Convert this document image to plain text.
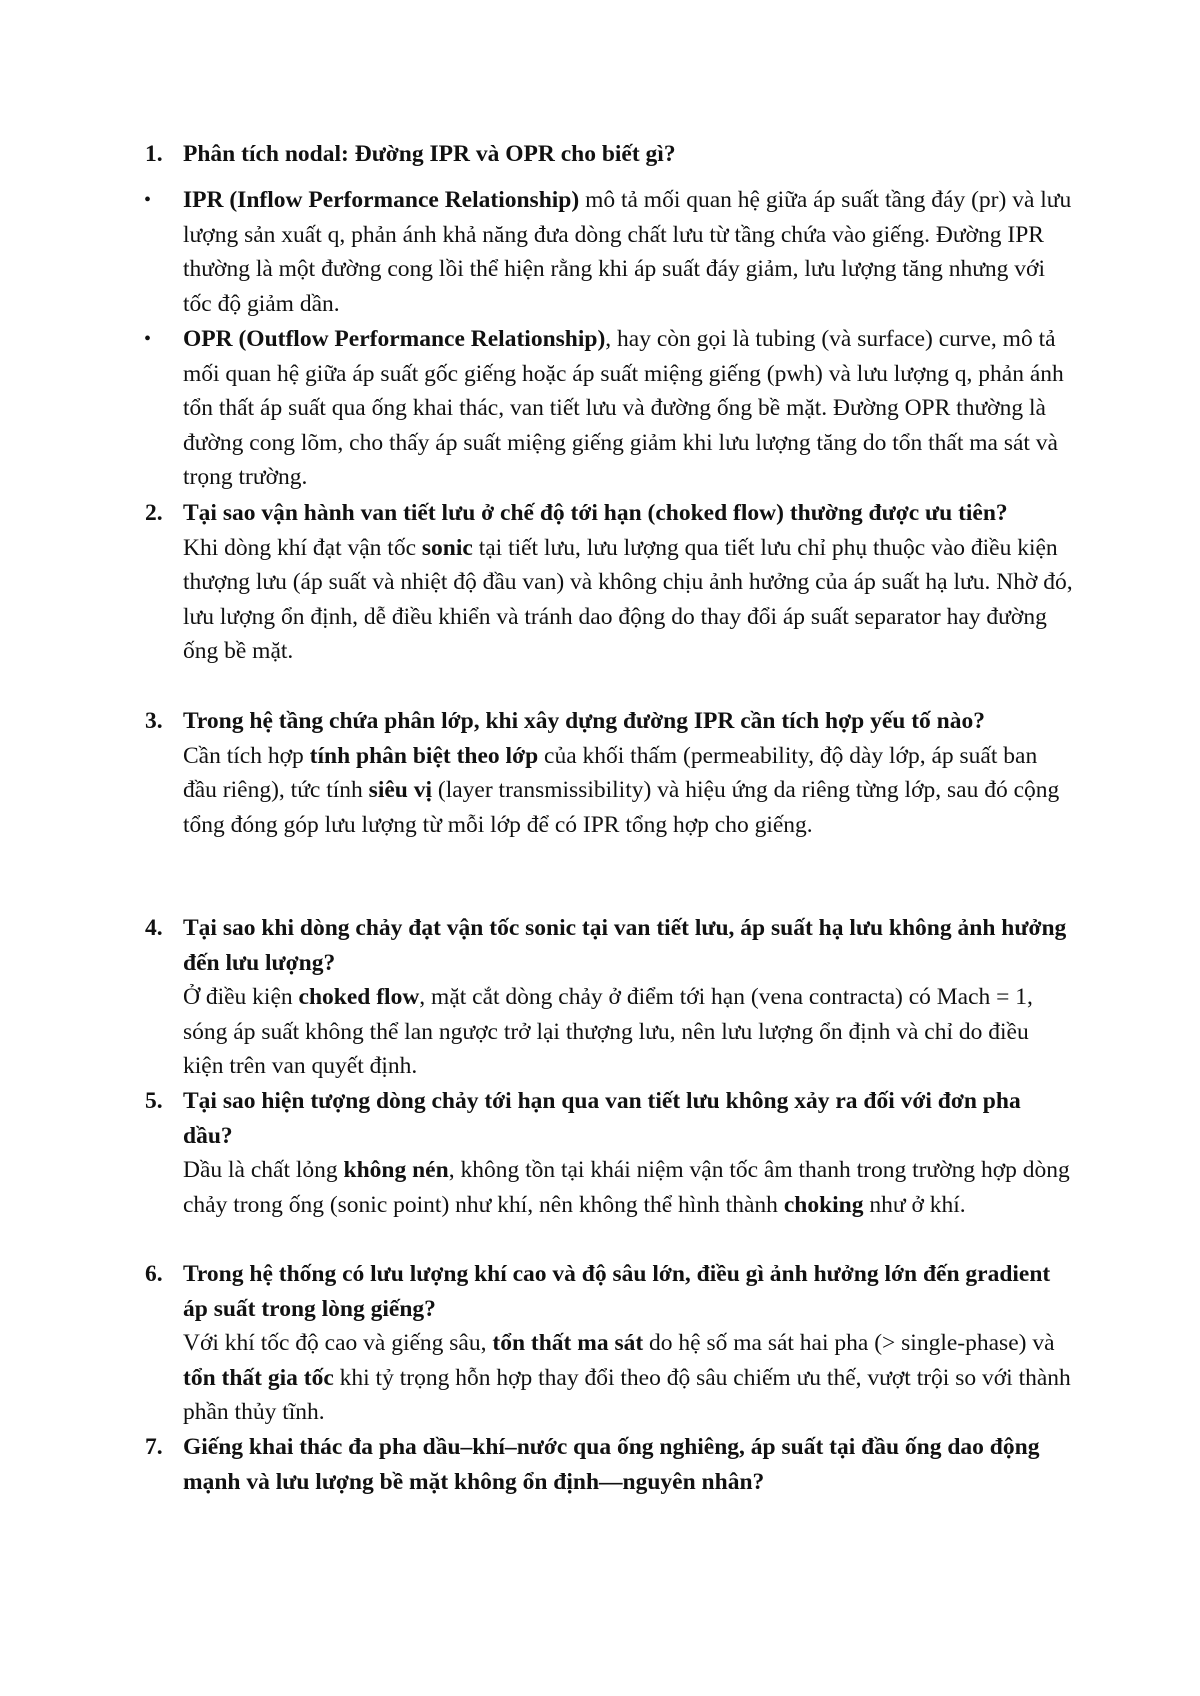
1. Phân tích nodal: Đường IPR và OPR cho biết gì?
• IPR (Inflow Performance Relationship) mô tả mối quan hệ giữa áp suất tầng đáy (pr) và lưu lượng sản xuất q, phản ánh khả năng đưa dòng chất lưu từ tầng chứa vào giếng. Đường IPR thường là một đường cong lồi thể hiện rằng khi áp suất đáy giảm, lưu lượng tăng nhưng với tốc độ giảm dần.
• OPR (Outflow Performance Relationship), hay còn gọi là tubing (và surface) curve, mô tả mối quan hệ giữa áp suất gốc giếng hoặc áp suất miệng giếng (pwh) và lưu lượng q, phản ánh tổn thất áp suất qua ống khai thác, van tiết lưu và đường ống bề mặt. Đường OPR thường là đường cong lõm, cho thấy áp suất miệng giếng giảm khi lưu lượng tăng do tổn thất ma sát và trọng trường.
2. Tại sao vận hành van tiết lưu ở chế độ tới hạn (choked flow) thường được ưu tiên?
Khi dòng khí đạt vận tốc sonic tại tiết lưu, lưu lượng qua tiết lưu chỉ phụ thuộc vào điều kiện thượng lưu (áp suất và nhiệt độ đầu van) và không chịu ảnh hưởng của áp suất hạ lưu. Nhờ đó, lưu lượng ổn định, dễ điều khiển và tránh dao động do thay đổi áp suất separator hay đường ống bề mặt.
3. Trong hệ tầng chứa phân lớp, khi xây dựng đường IPR cần tích hợp yếu tố nào?
Cần tích hợp tính phân biệt theo lớp của khối thấm (permeability, độ dày lớp, áp suất ban đầu riêng), tức tính siêu vị (layer transmissibility) và hiệu ứng da riêng từng lớp, sau đó cộng tổng đóng góp lưu lượng từ mỗi lớp để có IPR tổng hợp cho giếng.
4. Tại sao khi dòng chảy đạt vận tốc sonic tại van tiết lưu, áp suất hạ lưu không ảnh hưởng đến lưu lượng?
Ở điều kiện choked flow, mặt cắt dòng chảy ở điểm tới hạn (vena contracta) có Mach = 1, sóng áp suất không thể lan ngược trở lại thượng lưu, nên lưu lượng ổn định và chỉ do điều kiện trên van quyết định.
5. Tại sao hiện tượng dòng chảy tới hạn qua van tiết lưu không xảy ra đối với đơn pha dầu?
Dầu là chất lỏng không nén, không tồn tại khái niệm vận tốc âm thanh trong trường hợp dòng chảy trong ống (sonic point) như khí, nên không thể hình thành choking như ở khí.
6. Trong hệ thống có lưu lượng khí cao và độ sâu lớn, điều gì ảnh hưởng lớn đến gradient áp suất trong lòng giếng?
Với khí tốc độ cao và giếng sâu, tổn thất ma sát do hệ số ma sát hai pha (> single-phase) và tổn thất gia tốc khi tỷ trọng hỗn hợp thay đổi theo độ sâu chiếm ưu thế, vượt trội so với thành phần thủy tĩnh.
7. Giếng khai thác đa pha dầu–khí–nước qua ống nghiêng, áp suất tại đầu ống dao động mạnh và lưu lượng bề mặt không ổn định—nguyên nhân?
